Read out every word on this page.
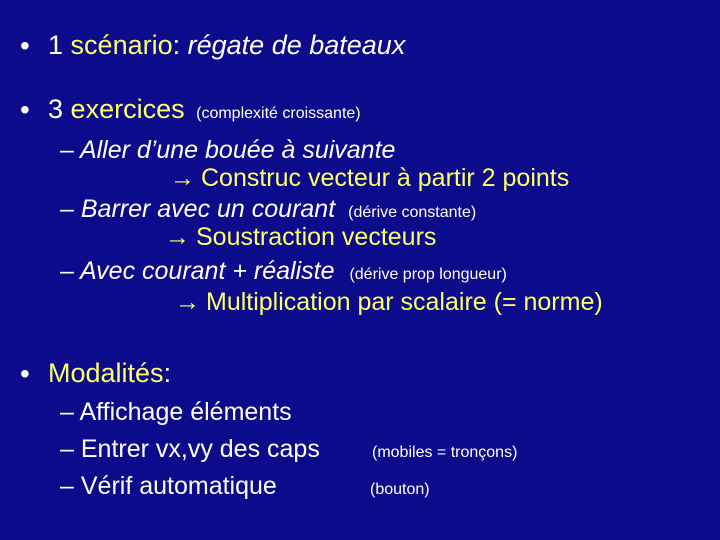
• 1 scénario: régate de bateaux
• 3 exercices (complexité croissante)
– Aller d’une bouée à suivante
→ Construc vecteur à partir 2 points
– Barrer avec un courant (dérive constante)
→ Soustraction vecteurs
– Avec courant + réaliste (dérive prop longueur)
→ Multiplication par scalaire (= norme)
• Modalités:
– Affichage éléments
– Entrer vx,vy des caps	(mobiles = tronçons)
– Vérif automatique	(bouton)
